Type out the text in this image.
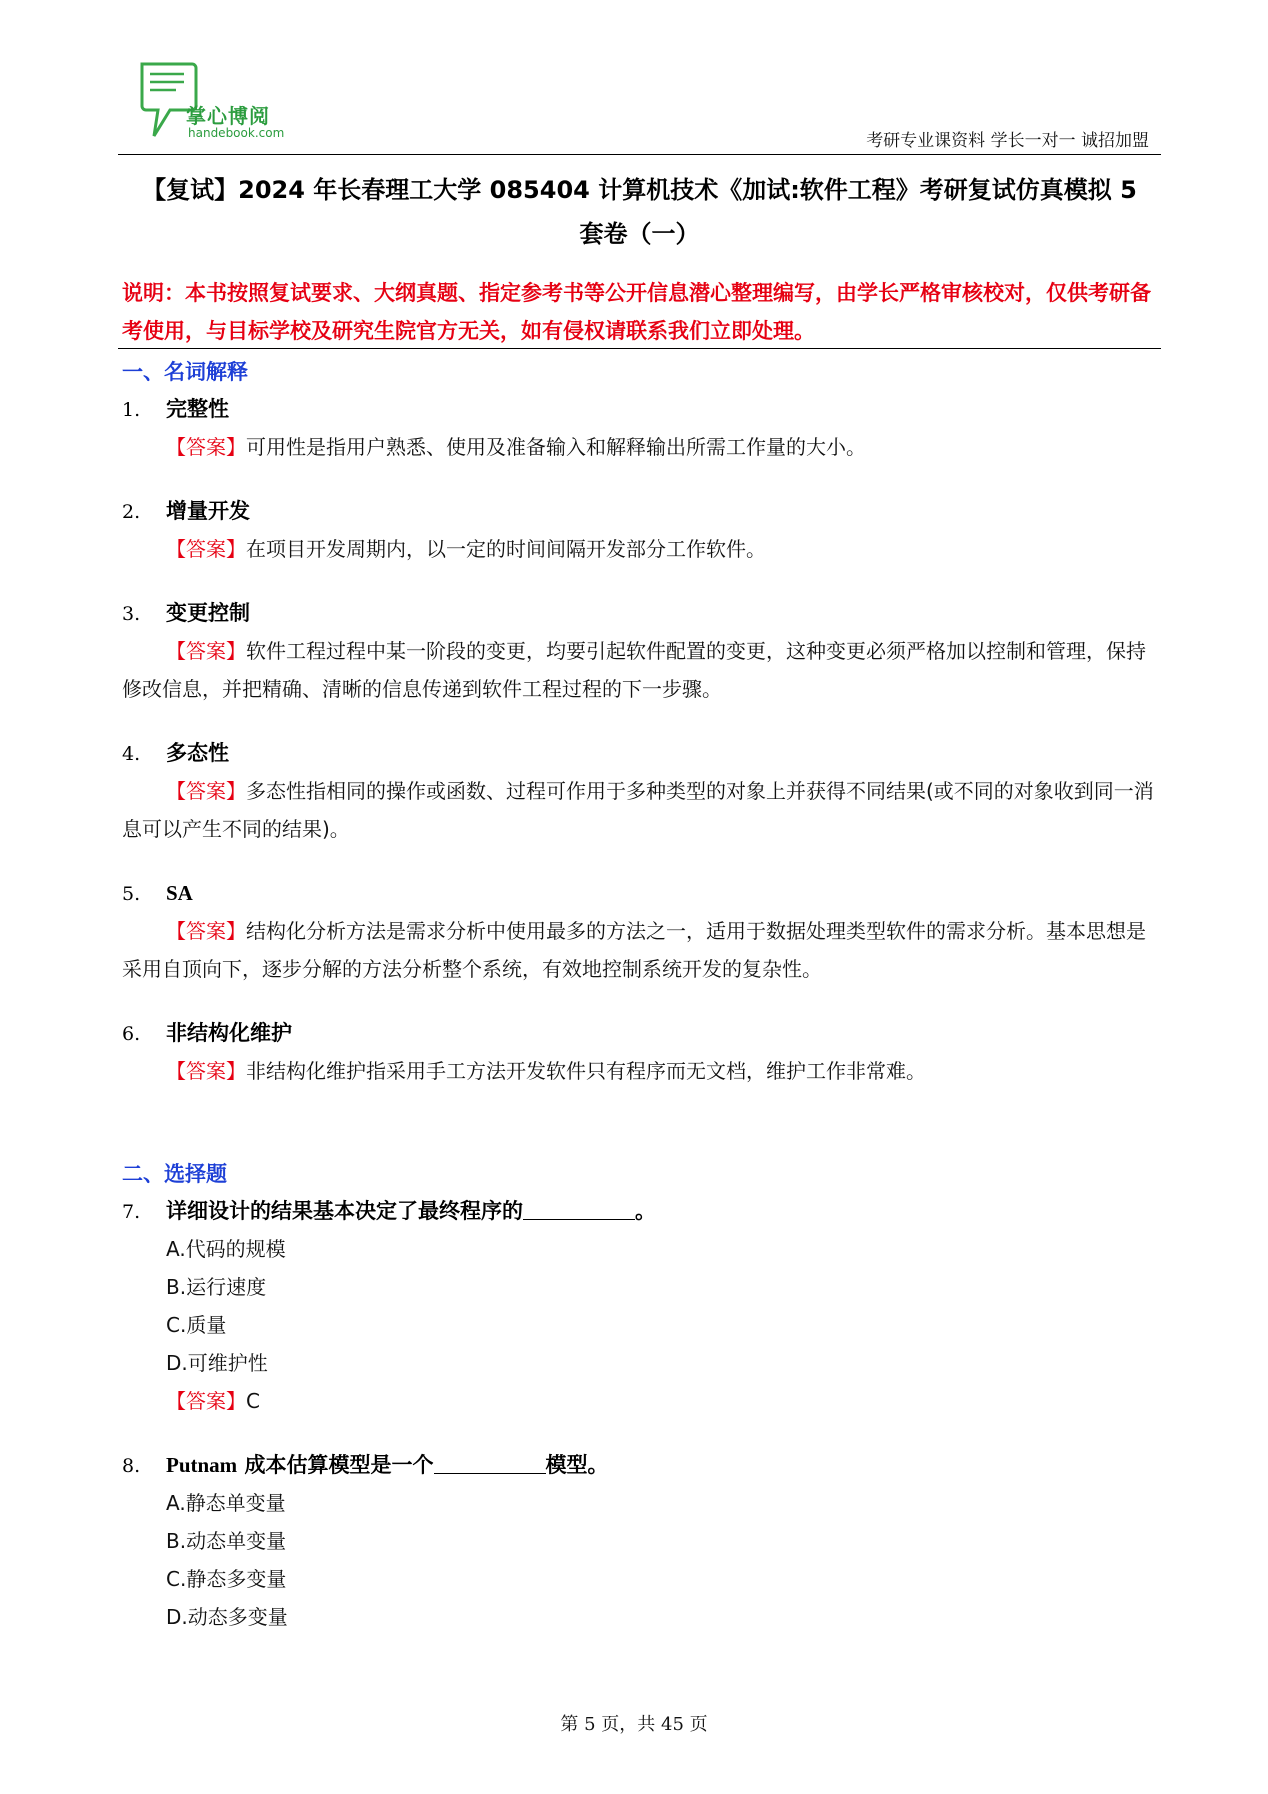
掌心博阅
handebook.com	考研专业课资料 学长一对一 诚招加盟
【复试】2024 年长春理工大学 085404 计算机技术《加试:软件工程》考研复试仿真模拟 5
套卷（一）
说明：本书按照复试要求、大纲真题、指定参考书等公开信息潜心整理编写，由学长严格审核校对，仅供考研备考使用，与目标学校及研究生院官方无关，如有侵权请联系我们立即处理。
一、名词解释
1. 完整性
【答案】可用性是指用户熟悉、使用及准备输入和解释输出所需工作量的大小。
2. 增量开发
【答案】在项目开发周期内，以一定的时间间隔开发部分工作软件。
3. 变更控制
【答案】软件工程过程中某一阶段的变更，均要引起软件配置的变更，这种变更必须严格加以控制和管理，保持修改信息，并把精确、清晰的信息传递到软件工程过程的下一步骤。
4. 多态性
【答案】多态性指相同的操作或函数、过程可作用于多种类型的对象上并获得不同结果(或不同的对象收到同一消息可以产生不同的结果)。
5. SA
【答案】结构化分析方法是需求分析中使用最多的方法之一，适用于数据处理类型软件的需求分析。基本思想是采用自顶向下，逐步分解的方法分析整个系统，有效地控制系统开发的复杂性。
6. 非结构化维护
【答案】非结构化维护指采用手工方法开发软件只有程序而无文档，维护工作非常难。
二、选择题
7. 详细设计的结果基本决定了最终程序的	。
A.代码的规模
B.运行速度
C.质量
D.可维护性
【答案】C
8. Putnam 成本估算模型是一个	模型。
A.静态单变量
B.动态单变量
C.静态多变量
D.动态多变量
第 5 页，共 45 页
